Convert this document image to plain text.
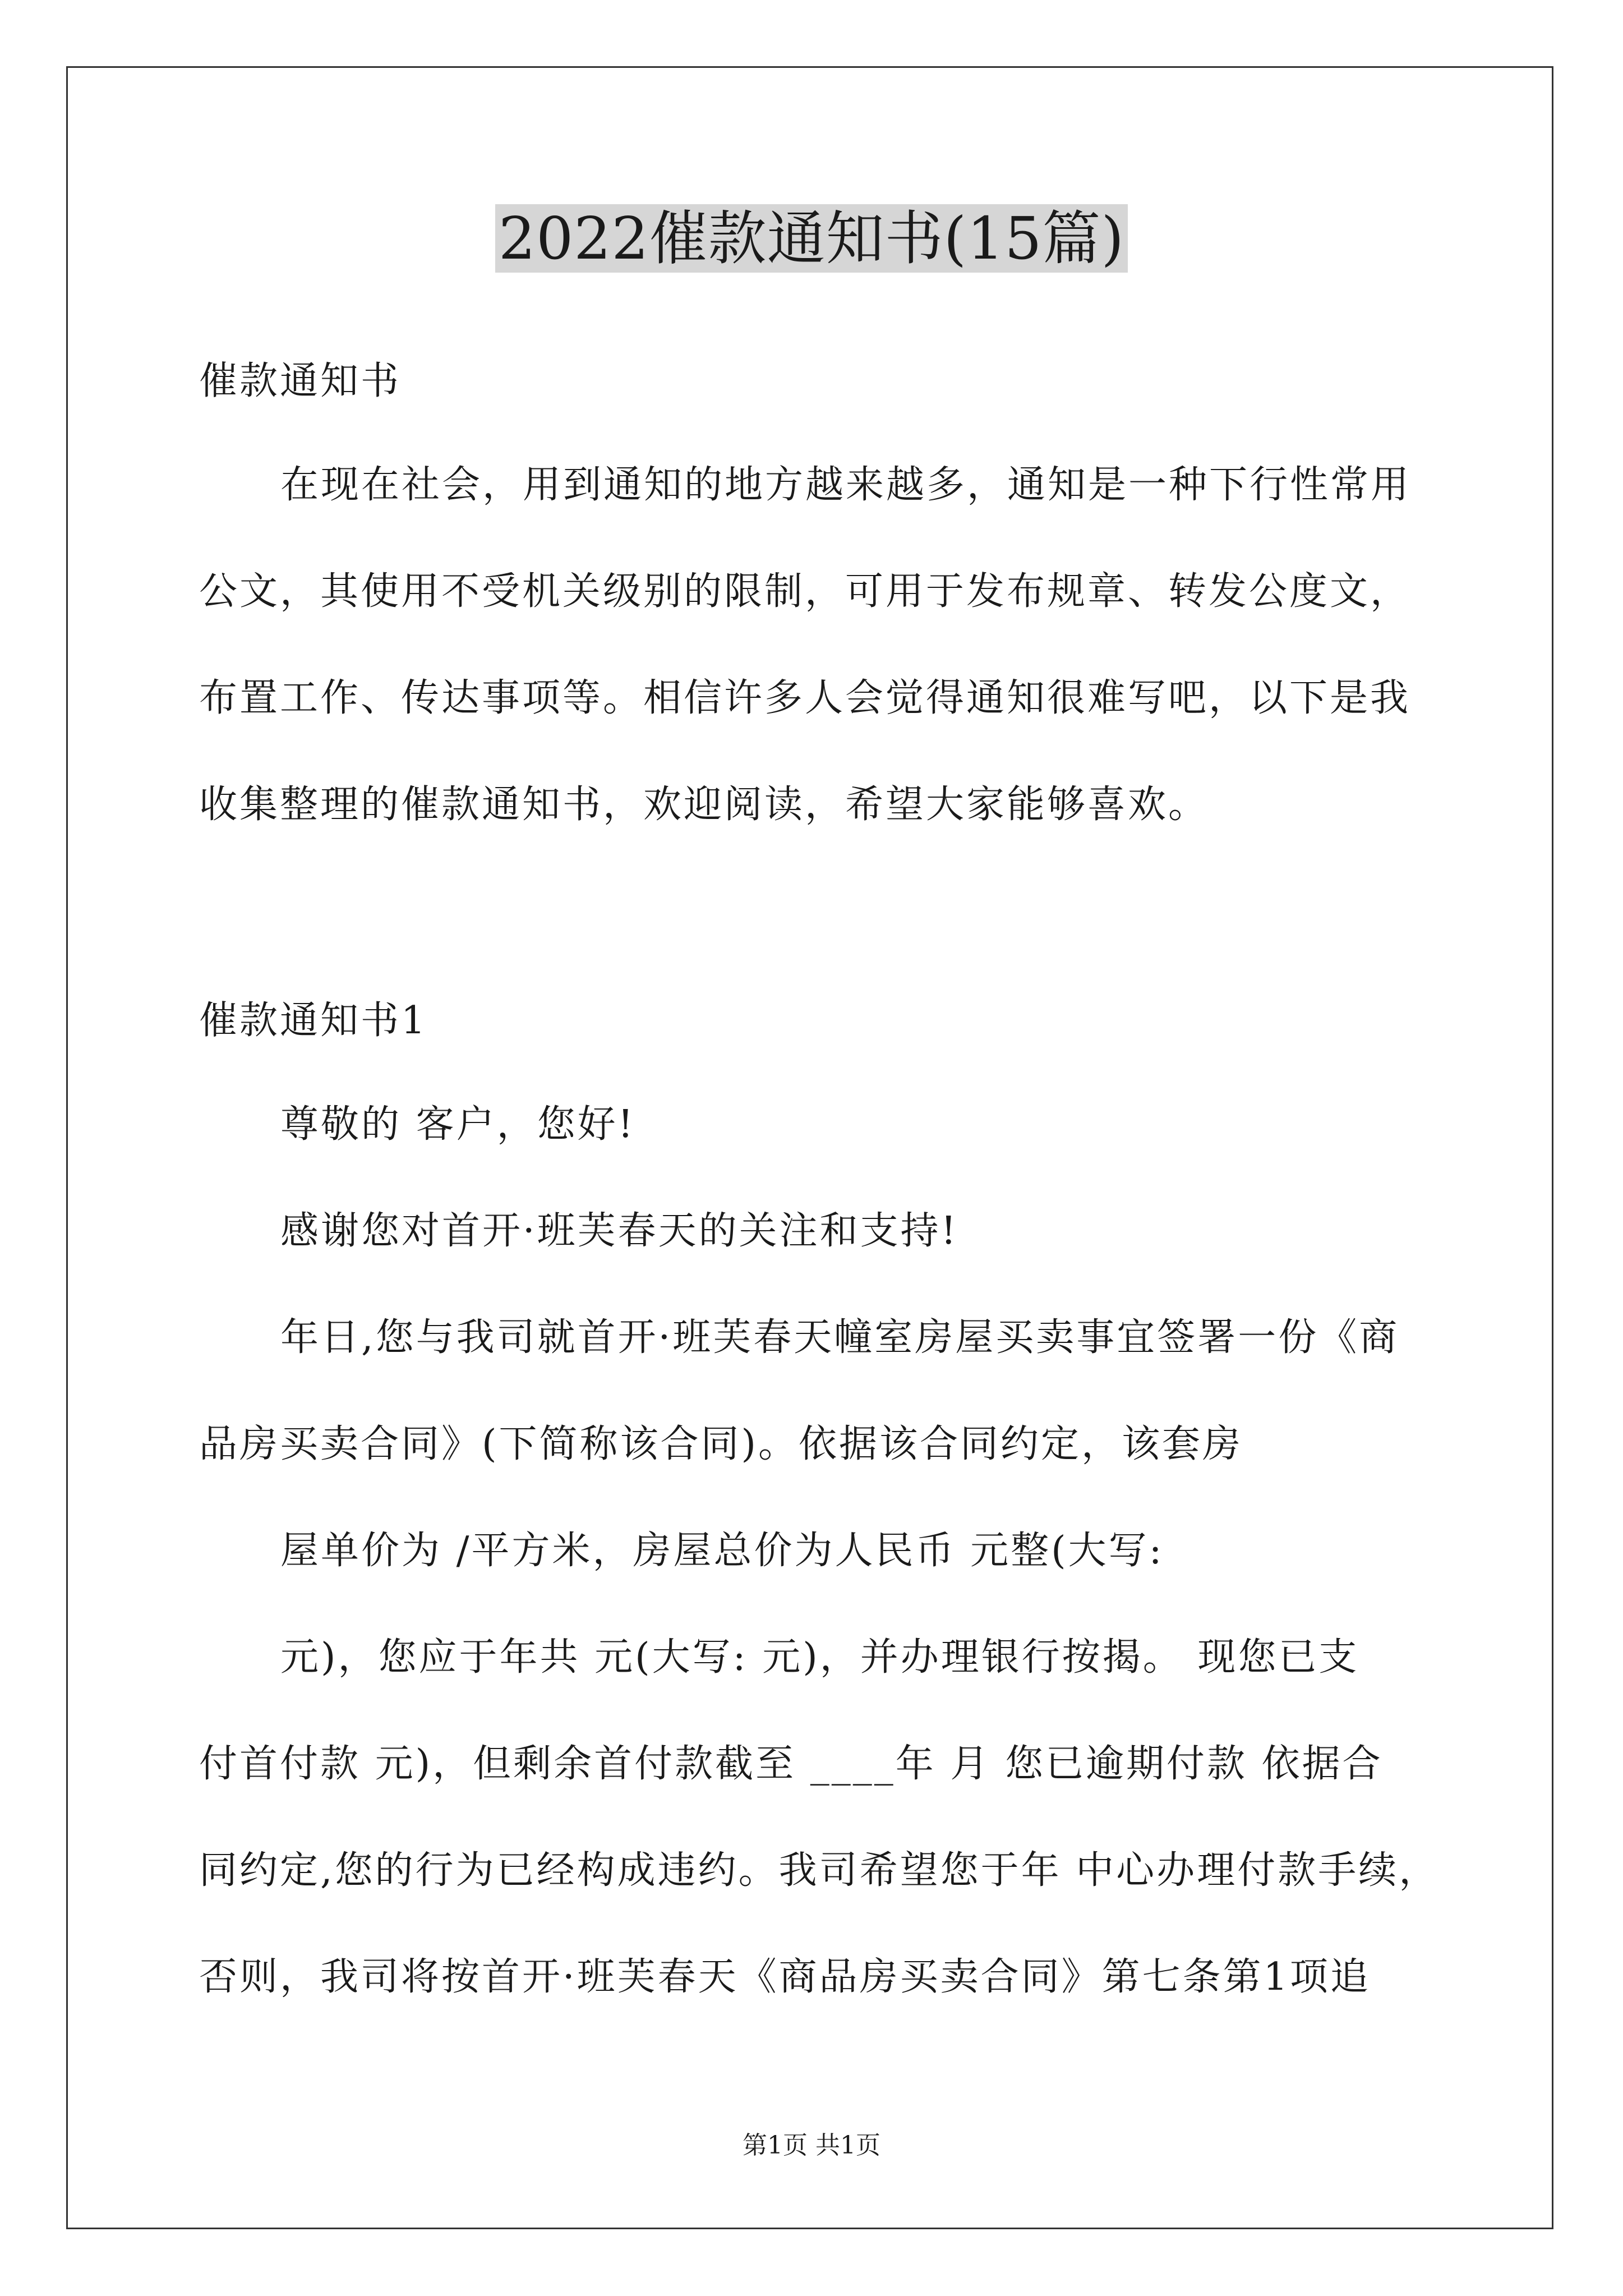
2022催款通知书(15篇)
催款通知书
在现在社会，用到通知的地方越来越多，通知是一种下行性常用
公文，其使用不受机关级别的限制，可用于发布规章、转发公度文，
布置工作、传达事项等。相信许多人会觉得通知很难写吧，以下是我
收集整理的催款通知书，欢迎阅读，希望大家能够喜欢。
催款通知书1
尊敬的 客户，您好!
感谢您对首开·班芙春天的关注和支持!
年日,您与我司就首开·班芙春天幢室房屋买卖事宜签署一份《商
品房买卖合同》(下简称该合同)。依据该合同约定，该套房
屋单价为 /平方米，房屋总价为人民币 元整(大写:
元)，您应于年共 元(大写: 元)，并办理银行按揭。 现您已支
付首付款 元)，但剩余首付款截至 ____年 月 您已逾期付款 依据合
同约定,您的行为已经构成违约。我司希望您于年 中心办理付款手续，
否则，我司将按首开·班芙春天《商品房买卖合同》第七条第1项追
第1页 共1页
